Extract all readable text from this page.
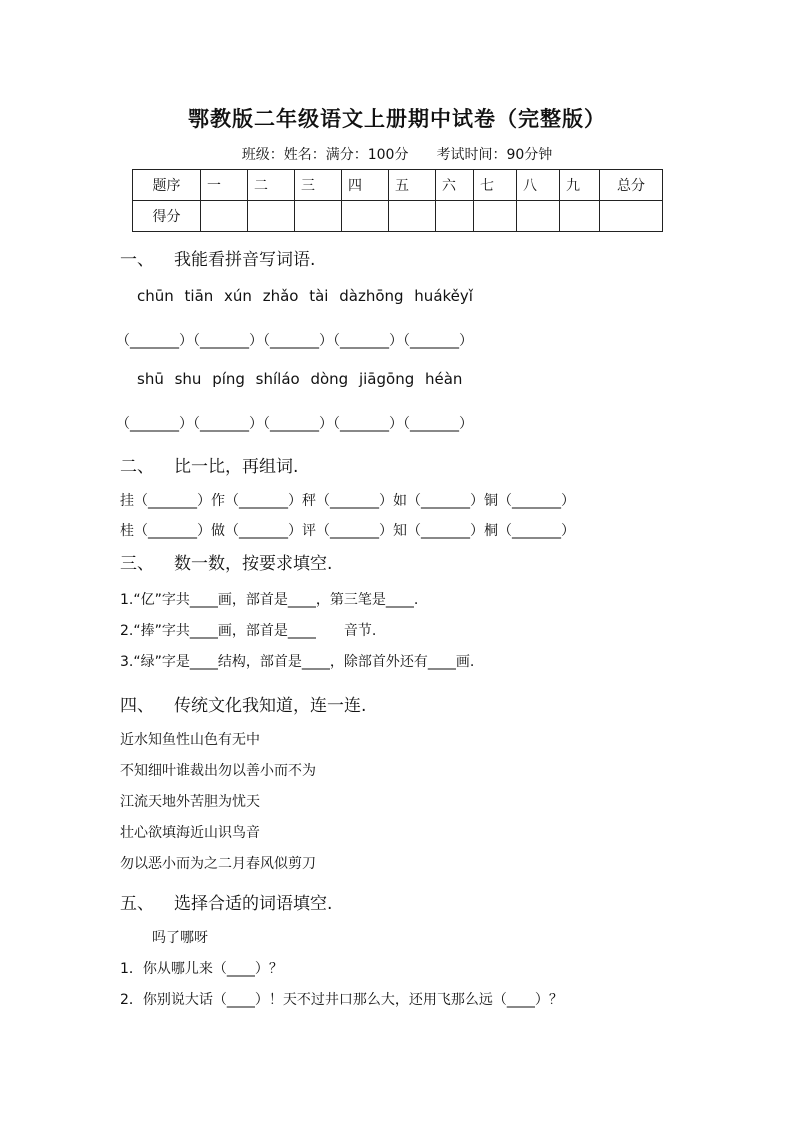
鄂教版二年级语文上册期中试卷（完整版）
班级：姓名：满分：100分　　考试时间：90分钟
题序	一	二	三	四	五	六	七	八	九	总分
得分										
一、 我能看拼音写词语.
chūn tiān xún zhǎo tài dàzhōng huákěyǐ
（_______）（_______）（_______）（_______）（_______）
shū shu píng shíláo dòng jiāgōng héàn
（_______）（_______）（_______）（_______）（_______）
二、 比一比，再组词.
挂（_______）作（_______）秤（_______）如（_______）铜（_______）
桂（_______）做（_______）评（_______）知（_______）桐（_______）
三、 数一数，按要求填空.
1.“亿”字共____画，部首是____，第三笔是____.
2.“捧”字共____画，部首是____　　音节.
3.“绿”字是____结构，部首是____，除部首外还有____画.
四、 传统文化我知道，连一连.
近水知鱼性山色有无中
不知细叶谁裁出勿以善小而不为
江流天地外苦胆为忧天
壮心欲填海近山识鸟音
勿以恶小而为之二月春风似剪刀
五、 选择合适的词语填空.
吗了哪呀
1．你从哪儿来（____）？
2．你别说大话（____）！天不过井口那么大，还用飞那么远（____）？
